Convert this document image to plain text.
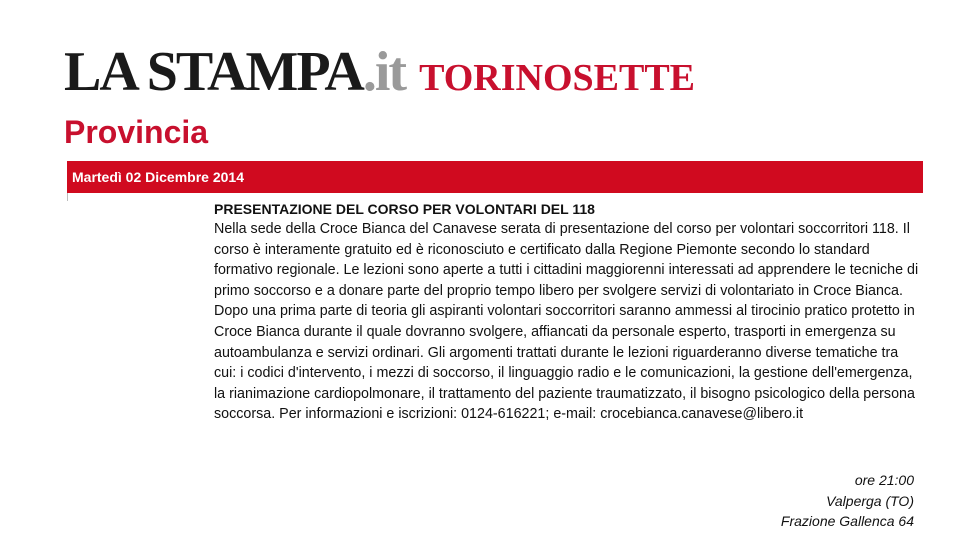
LA STAMPA . it TORINOSETTE
Provincia
Martedì 02 Dicembre 2014

PRESENTAZIONE DEL CORSO PER VOLONTARI DEL 118

Nella sede della Croce Bianca del Canavese serata di presentazione del corso per volontari soccorritori 118. Il corso è interamente gratuito ed è riconosciuto e certificato dalla Regione Piemonte secondo lo standard formativo regionale. Le lezioni sono aperte a tutti i cittadini maggiorenni interessati ad apprendere le tecniche di primo soccorso e a donare parte del proprio tempo libero per svolgere servizi di volontariato in Croce Bianca. Dopo una prima parte di teoria gli aspiranti volontari soccorritori saranno ammessi al tirocinio pratico protetto in Croce Bianca durante il quale dovranno svolgere, affiancati da personale esperto, trasporti in emergenza su autoambulanza e servizi ordinari. Gli argomenti trattati durante le lezioni riguarderanno diverse tematiche tra cui: i codici d'intervento, i mezzi di soccorso, il linguaggio radio e le comunicazioni, la gestione dell'emergenza, la rianimazione cardiopolmonare, il trattamento del paziente traumatizzato, il bisogno psicologico della persona soccorsa. Per informazioni e iscrizioni: 0124-616221; e-mail: crocebianca.canavese@libero.it

ore 21:00
Valperga (TO)
Frazione Gallenca 64
